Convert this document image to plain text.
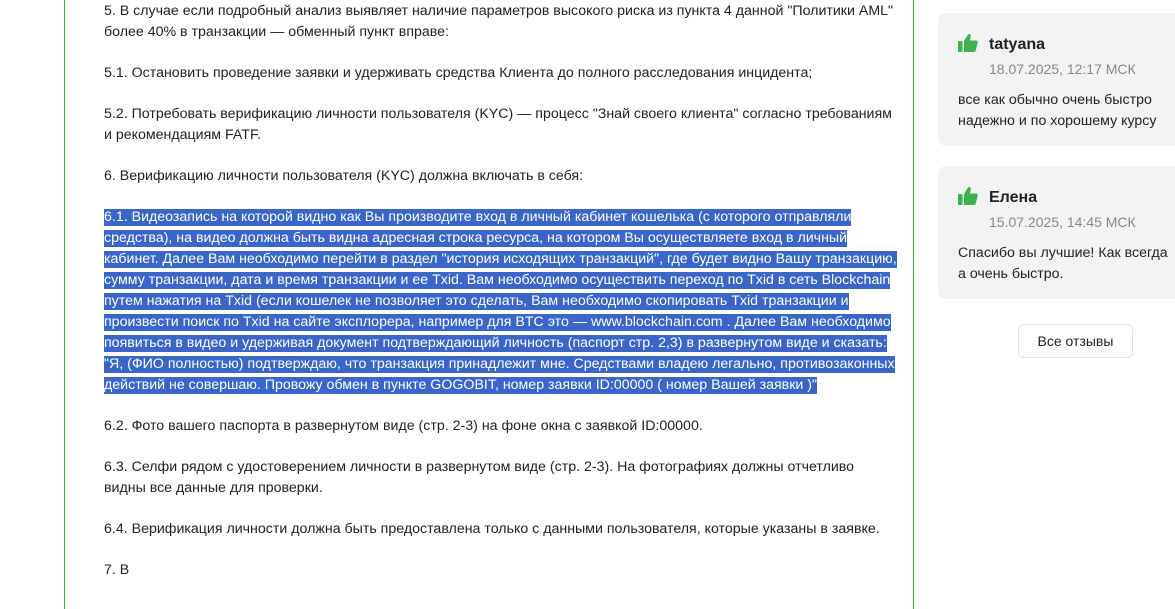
5. В случае если подробный анализ выявляет наличие параметров высокого риска из пункта 4 данной "Политики AML" более 40% в транзакции — обменный пункт вправе:

5.1. Остановить проведение заявки и удерживать средства Клиента до полного расследования инцидента;

5.2. Потребовать верификацию личности пользователя (KYC) — процесс "Знай своего клиента" согласно требованиям и рекомендациям FATF.

6. Верификацию личности пользователя (KYC) должна включать в себя:

6.1. Видеозапись на которой видно как Вы производите вход в личный кабинет кошелька (с которого отправляли средства), на видео должна быть видна адресная строка ресурса, на котором Вы осуществляете вход в личный кабинет. Далее Вам необходимо перейти в раздел "история исходящих транзакций", где будет видно Вашу транзакцию, сумму транзакции, дата и время транзакции и ее Txid. Вам необходимо осуществить переход по Txid в сеть Blockchain путем нажатия на Txid (если кошелек не позволяет это сделать, Вам необходимо скопировать Txid транзакции и произвести поиск по Txid на сайте эксплорера, например для BTC это — www.blockchain.com . Далее Вам необходимо появиться в видео и удерживая документ подтверждающий личность (паспорт стр. 2,3) в развернутом виде и сказать: "Я, (ФИО полностью) подтверждаю, что транзакция принадлежит мне. Средствами владею легально, противозаконных действий не совершаю. Провожу обмен в пункте GOGOBIT, номер заявки ID:00000 ( номер Вашей заявки )"

6.2. Фото вашего паспорта в развернутом виде (стр. 2-3) на фоне окна с заявкой ID:00000.

6.3. Селфи рядом с удостоверением личности в развернутом виде (стр. 2-3). На фотографиях должны отчетливо видны все данные для проверки.

6.4. Верификация личности должна быть предоставлена только с данными пользователя, которые указаны в заявке.

7. В

tatyana
18.07.2025, 12:17 МСК
все как обычно очень быстро
надежно и по хорошему курсу
Елена
15.07.2025, 14:45 МСК
Спасибо вы лучшие! Как всегда
а очень быстро.
Все отзывы
